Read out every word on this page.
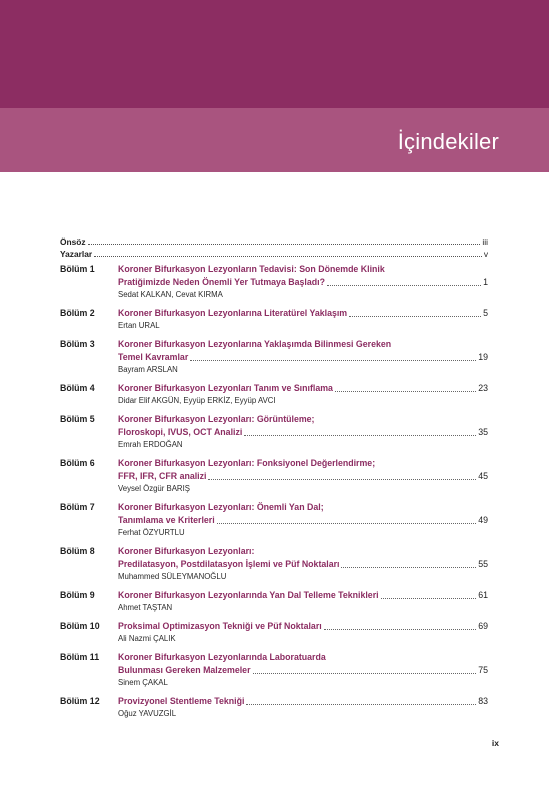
İçindekiler
Önsöz	iii
Yazarlar	v
Bölüm 1	Koroner Bifurkasyon Lezyonların Tedavisi: Son Dönemde Klinik
Pratiğimizde Neden Önemli Yer Tutmaya Başladı?	1
Sedat KALKAN, Cevat KIRMA
Bölüm 2	Koroner Bifurkasyon Lezyonlarına Literatürel Yaklaşım	5
Ertan URAL
Bölüm 3	Koroner Bifurkasyon Lezyonlarına Yaklaşımda Bilinmesi Gereken
Temel Kavramlar	19
Bayram ARSLAN
Bölüm 4	Koroner Bifurkasyon Lezyonları Tanım ve Sınıflama	23
Didar Elif AKGÜN, Eyyüp ERKİZ, Eyyüp AVCI
Bölüm 5	Koroner Bifurkasyon Lezyonları: Görüntüleme;
Floroskopi, IVUS, OCT Analizi	35
Emrah ERDOĞAN
Bölüm 6	Koroner Bifurkasyon Lezyonları: Fonksiyonel Değerlendirme;
FFR, IFR, CFR analizi	45
Veysel Özgür BARIŞ
Bölüm 7	Koroner Bifurkasyon Lezyonları: Önemli Yan Dal;
Tanımlama ve Kriterleri	49
Ferhat ÖZYURTLU
Bölüm 8	Koroner Bifurkasyon Lezyonları:
Predilatasyon, Postdilatasyon İşlemi ve Püf Noktaları	55
Muhammed SÜLEYMANOĞLU
Bölüm 9	Koroner Bifurkasyon Lezyonlarında Yan Dal Telleme Teknikleri	61
Ahmet TAŞTAN
Bölüm 10 Proksimal Optimizasyon Tekniği ve Püf Noktaları	69
Ali Nazmi ÇALIK
Bölüm 11 Koroner Bifurkasyon Lezyonlarında Laboratuarda
Bulunması Gereken Malzemeler	75
Sinem ÇAKAL
Bölüm 12 Provizyonel Stentleme Tekniği	83
Oğuz YAVUZGİL
ix
